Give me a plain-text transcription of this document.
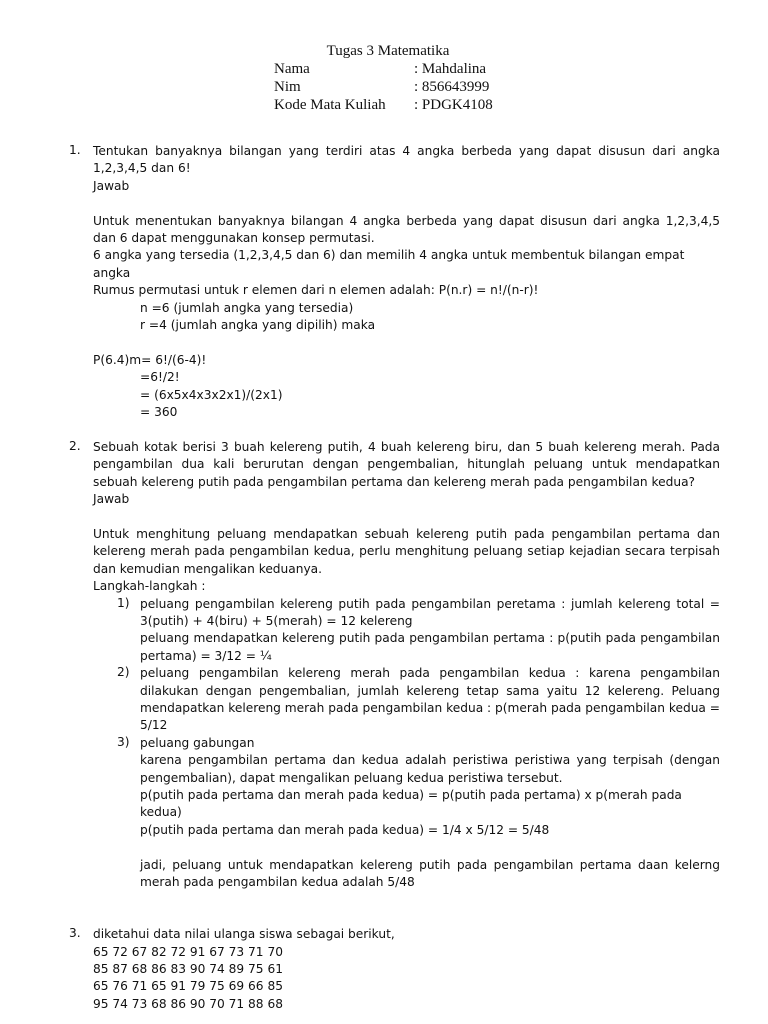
Tugas 3 Matematika
Nama	: Mahdalina
Nim	: 856643999
Kode Mata Kuliah : PDGK4108
1. Tentukan banyaknya bilangan yang terdiri atas 4 angka berbeda yang dapat disusun dari angka 1,2,3,4,5 dan 6!
Jawab
Untuk menentukan banyaknya bilangan 4 angka berbeda yang dapat disusun dari angka 1,2,3,4,5 dan 6 dapat menggunakan konsep permutasi.
6 angka yang tersedia (1,2,3,4,5 dan 6) dan memilih 4 angka untuk membentuk bilangan empat angka
Rumus permutasi untuk r elemen dari n elemen adalah: P(n.r) = n!/(n-r)!
n =6 (jumlah angka yang tersedia)
r =4 (jumlah angka yang dipilih) maka
P(6.4)m= 6!/(6-4)!
=6!/2!
= (6x5x4x3x2x1)/(2x1)
= 360
2. Sebuah kotak berisi 3 buah kelereng putih, 4 buah kelereng biru, dan 5 buah kelereng merah. Pada pengambilan dua kali berurutan dengan pengembalian, hitunglah peluang untuk mendapatkan sebuah kelereng putih pada pengambilan pertama dan kelereng merah pada pengambilan kedua?
Jawab
Untuk menghitung peluang mendapatkan sebuah kelereng putih pada pengambilan pertama dan kelereng merah pada pengambilan kedua, perlu menghitung peluang setiap kejadian secara terpisah dan kemudian mengalikan keduanya.
Langkah-langkah :
1) peluang pengambilan kelereng putih pada pengambilan peretama : jumlah kelereng total = 3(putih) + 4(biru) + 5(merah) = 12 kelereng
peluang mendapatkan kelereng putih pada pengambilan pertama : p(putih pada pengambilan pertama) = 3/12 = ¼
2) peluang pengambilan kelereng merah pada pengambilan kedua : karena pengambilan dilakukan dengan pengembalian, jumlah kelereng tetap sama yaitu 12 kelereng. Peluang mendapatkan kelereng merah pada pengambilan kedua : p(merah pada pengambilan kedua = 5/12
3) peluang gabungan
karena pengambilan pertama dan kedua adalah peristiwa peristiwa yang terpisah (dengan pengembalian), dapat mengalikan peluang kedua peristiwa tersebut.
p(putih pada pertama dan merah pada kedua) = p(putih pada pertama) x p(merah pada kedua)
p(putih pada pertama dan merah pada kedua) = 1/4 x 5/12 = 5/48
jadi, peluang untuk mendapatkan kelereng putih pada pengambilan pertama daan kelerng merah pada pengambilan kedua adalah 5/48
3. diketahui data nilai ulanga siswa sebagai berikut,
65 72 67 82 72 91 67 73 71 70
85 87 68 86 83 90 74 89 75 61
65 76 71 65 91 79 75 69 66 85
95 74 73 68 86 90 70 71 88 68
